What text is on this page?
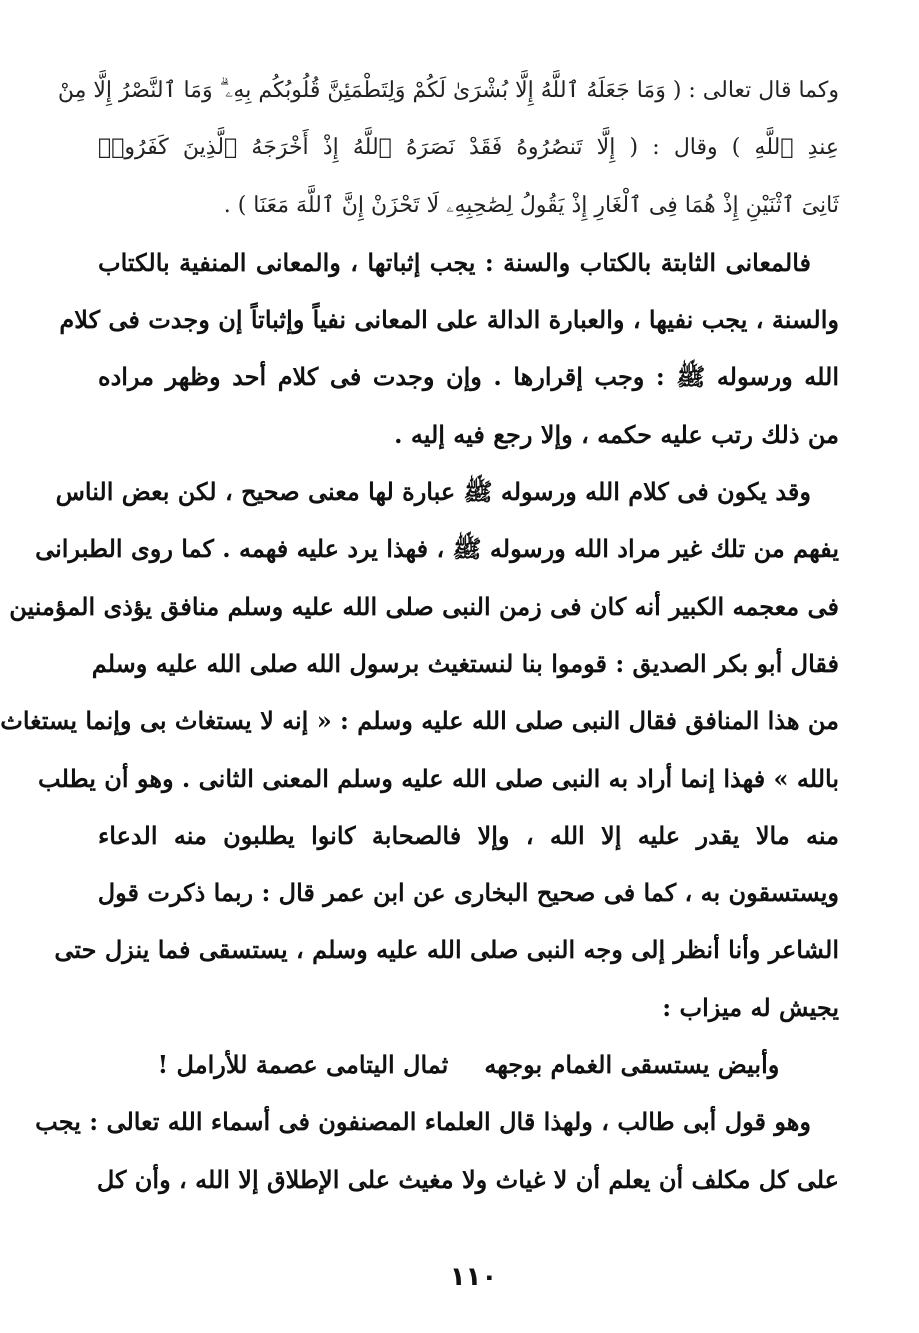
وكما قال تعالى : ( وَمَا جَعَلَهُ ٱللَّهُ إِلَّا بُشْرَىٰ لَكُمْ وَلِتَطْمَئِنَّ قُلُوبُكُم بِهِۦ ۗ وَمَا ٱلنَّصْرُ إِلَّا مِنْ
عِندِ ٱللَّهِ ) وقال : ( إِلَّا تَنصُرُوهُ فَقَدْ نَصَرَهُ ٱللَّهُ إِذْ أَخْرَجَهُ ٱلَّذِينَ كَفَرُوا۟
ثَانِىَ ٱثْنَيْنِ إِذْ هُمَا فِى ٱلْغَارِ إِذْ يَقُولُ لِصَٰحِبِهِۦ لَا تَحْزَنْ إِنَّ ٱللَّهَ مَعَنَا ) .
فالمعانى الثابتة بالكتاب والسنة : يجب إثباتها ، والمعانى المنفية بالكتاب
والسنة ، يجب نفيها ، والعبارة الدالة على المعانى نفياً وإثباتاً إن وجدت فى كلام
الله ورسوله ﷺ : وجب إقرارها . وإن وجدت فى كلام أحد وظهر مراده
من ذلك رتب عليه حكمه ، وإلا رجع فيه إليه .
وقد يكون فى كلام الله ورسوله ﷺ عبارة لها معنى صحيح ، لكن بعض الناس
يفهم من تلك غير مراد الله ورسوله ﷺ ، فهذا يرد عليه فهمه . كما روى الطبرانى
فى معجمه الكبير أنه كان فى زمن النبى صلى الله عليه وسلم منافق يؤذى المؤمنين
فقال أبو بكر الصديق : قوموا بنا لنستغيث برسول الله صلى الله عليه وسلم
من هذا المنافق فقال النبى صلى الله عليه وسلم : « إنه لا يستغاث بى وإنما يستغاث
بالله » فهذا إنما أراد به النبى صلى الله عليه وسلم المعنى الثانى . وهو أن يطلب
منه مالا يقدر عليه إلا الله ، وإلا فالصحابة كانوا يطلبون منه الدعاء
ويستسقون به ، كما فى صحيح البخارى عن ابن عمر قال : ربما ذكرت قول
الشاعر وأنا أنظر إلى وجه النبى صلى الله عليه وسلم ، يستسقى فما ينزل حتى
يجيش له ميزاب :
وأبيض يستسقى الغمام بوجههثمال اليتامى عصمة للأرامل !
وهو قول أبى طالب ، ولهذا قال العلماء المصنفون فى أسماء الله تعالى : يجب
على كل مكلف أن يعلم أن لا غياث ولا مغيث على الإطلاق إلا الله ، وأن كل
١١٠
